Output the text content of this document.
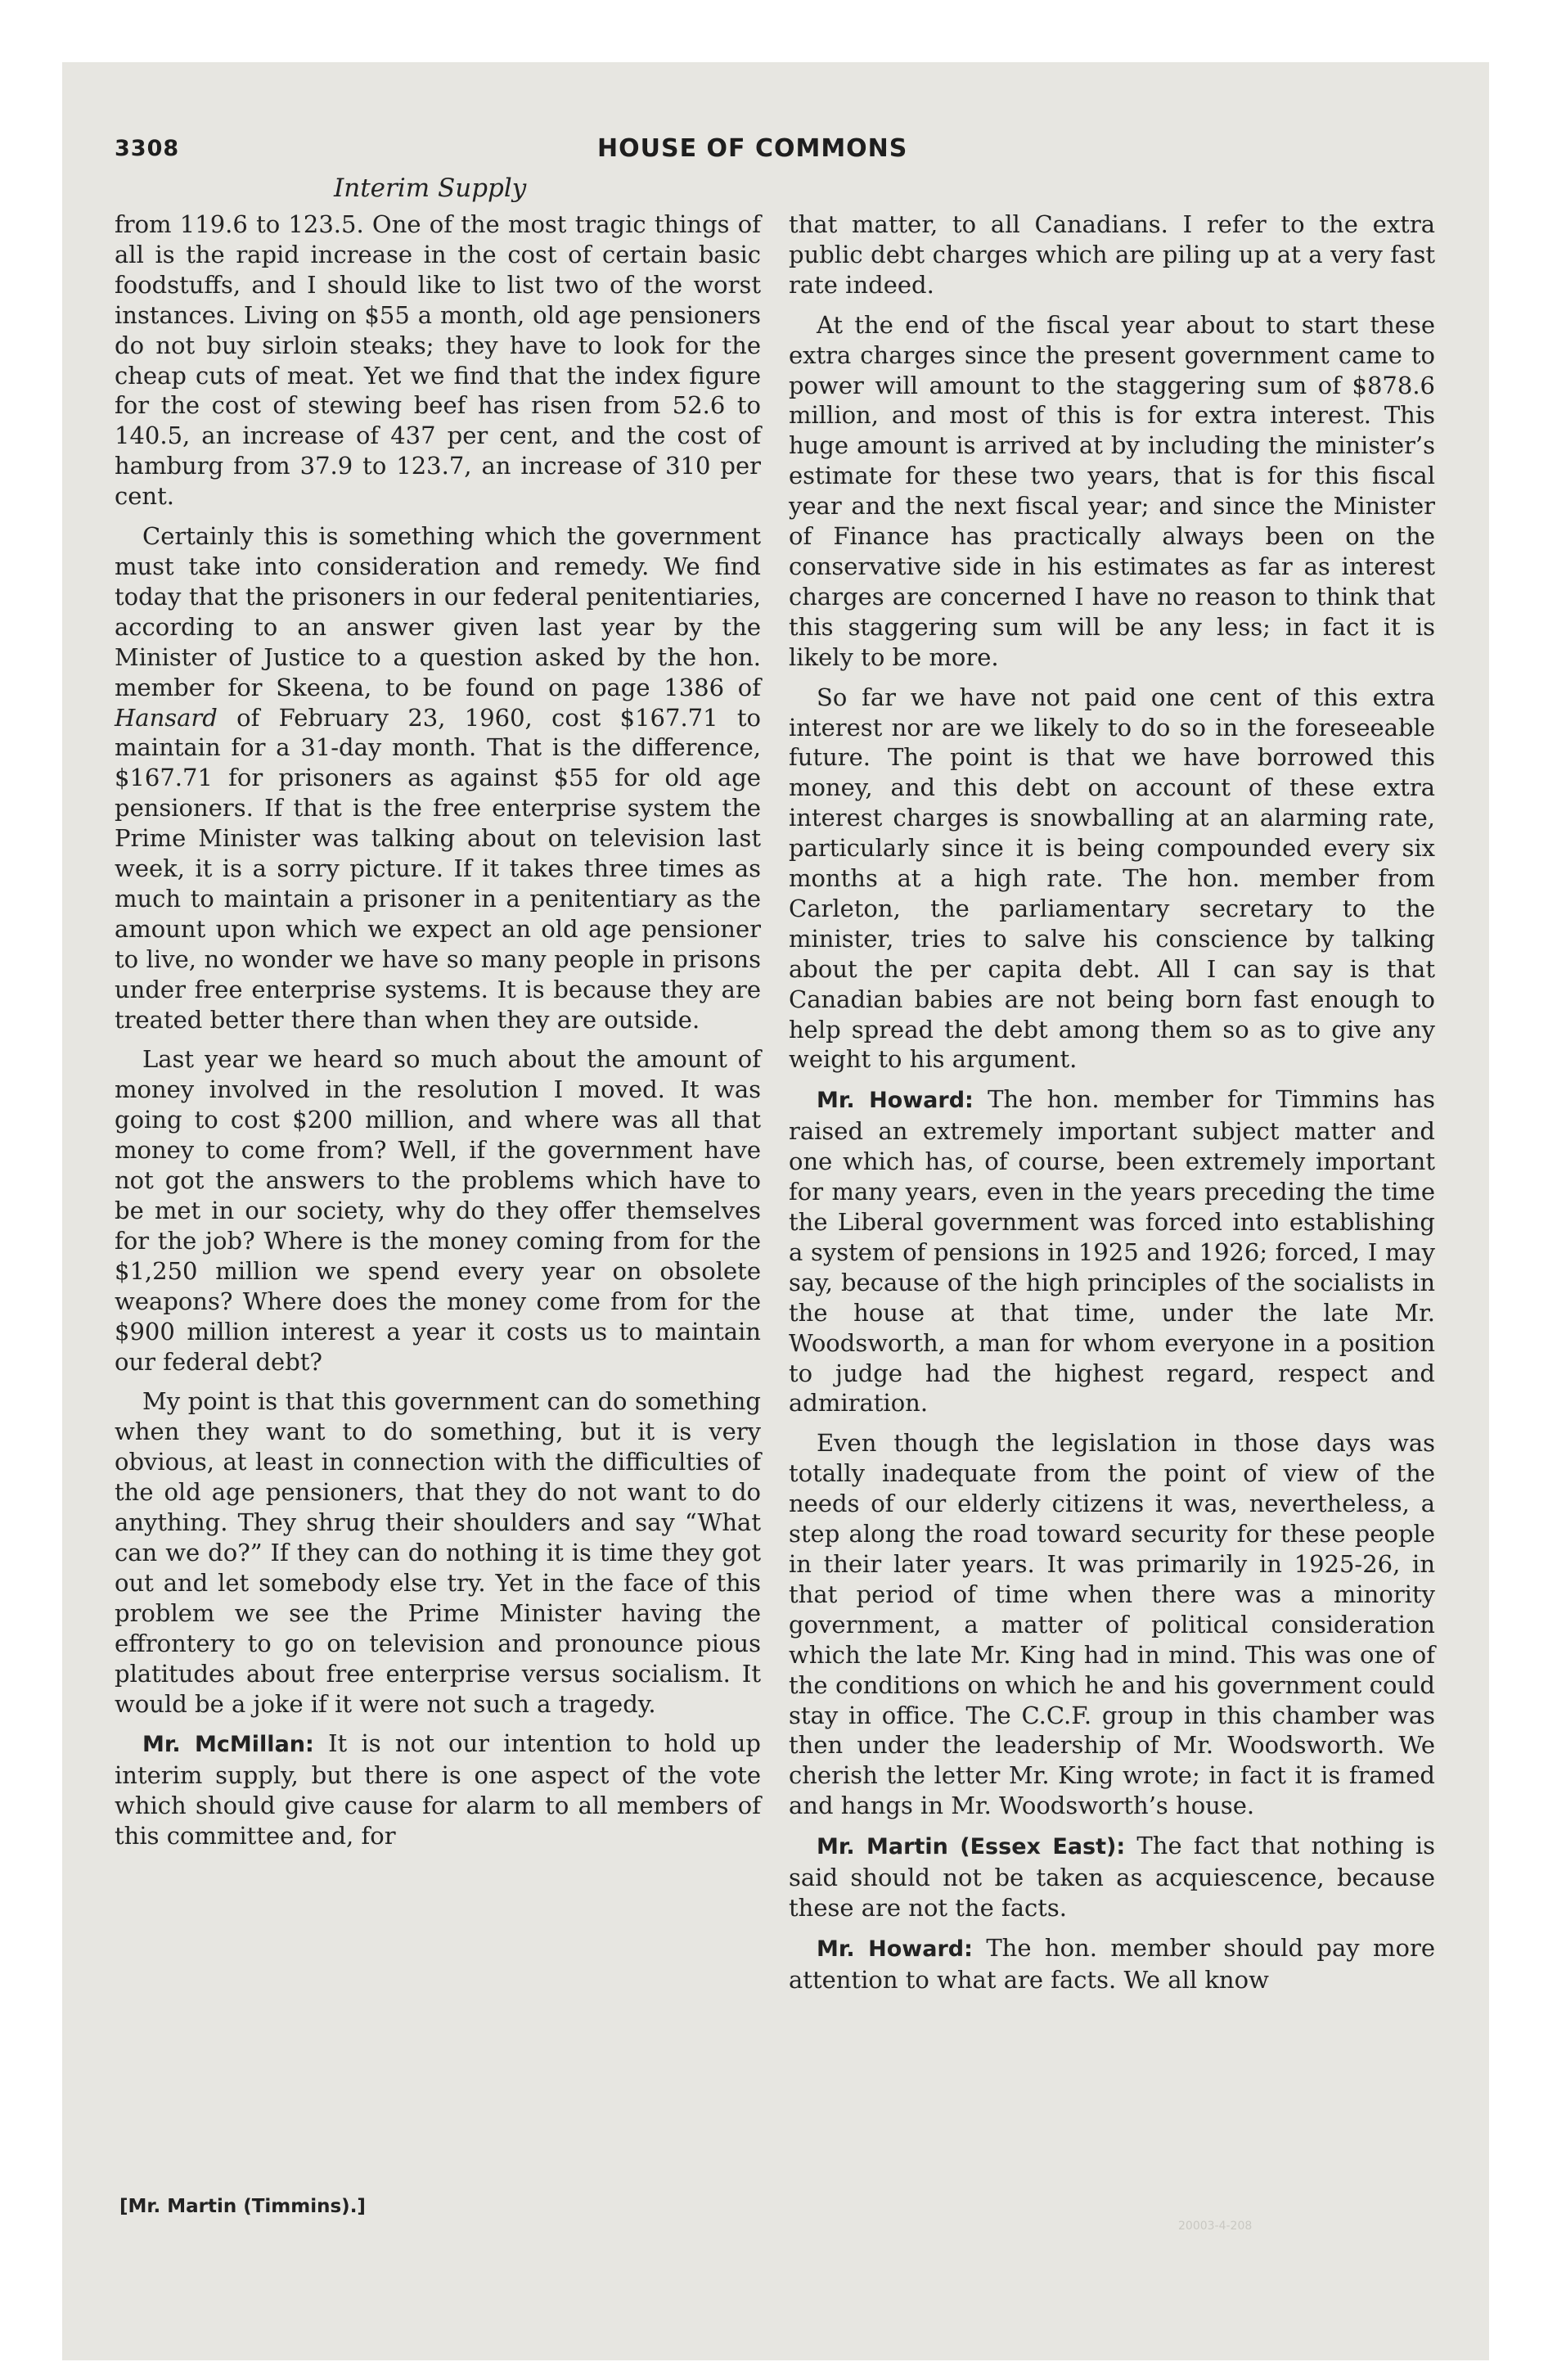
3308	HOUSE OF COMMONS
Interim Supply

from 119.6 to 123.5. One of the most tragic things of all is the rapid increase in the cost of certain basic foodstuffs, and I should like to list two of the worst instances. Living on $55 a month, old age pensioners do not buy sirloin steaks; they have to look for the cheap cuts of meat. Yet we find that the index figure for the cost of stewing beef has risen from 52.6 to 140.5, an increase of 437 per cent, and the cost of hamburg from 37.9 to 123.7, an increase of 310 per cent.

Certainly this is something which the government must take into consideration and remedy. We find today that the prisoners in our federal penitentiaries, according to an answer given last year by the Minister of Justice to a question asked by the hon. member for Skeena, to be found on page 1386 of Hansard of February 23, 1960, cost $167.71 to maintain for a 31-day month. That is the difference, $167.71 for prisoners as against $55 for old age pensioners. If that is the free enterprise system the Prime Minister was talking about on television last week, it is a sorry picture. If it takes three times as much to maintain a prisoner in a penitentiary as the amount upon which we expect an old age pensioner to live, no wonder we have so many people in prisons under free enterprise systems. It is because they are treated better there than when they are outside.

Last year we heard so much about the amount of money involved in the resolution I moved. It was going to cost $200 million, and where was all that money to come from? Well, if the government have not got the answers to the problems which have to be met in our society, why do they offer themselves for the job? Where is the money coming from for the $1,250 million we spend every year on obsolete weapons? Where does the money come from for the $900 million interest a year it costs us to maintain our federal debt?

My point is that this government can do something when they want to do something, but it is very obvious, at least in connection with the difficulties of the old age pensioners, that they do not want to do anything. They shrug their shoulders and say “What can we do?” If they can do nothing it is time they got out and let somebody else try. Yet in the face of this problem we see the Prime Minister having the effrontery to go on television and pronounce pious platitudes about free enterprise versus socialism. It would be a joke if it were not such a tragedy.

Mr. McMillan: It is not our intention to hold up interim supply, but there is one aspect of the vote which should give cause for alarm to all members of this committee and, for

that matter, to all Canadians. I refer to the extra public debt charges which are piling up at a very fast rate indeed.

At the end of the fiscal year about to start these extra charges since the present government came to power will amount to the staggering sum of $878.6 million, and most of this is for extra interest. This huge amount is arrived at by including the minister’s estimate for these two years, that is for this fiscal year and the next fiscal year; and since the Minister of Finance has practically always been on the conservative side in his estimates as far as interest charges are concerned I have no reason to think that this staggering sum will be any less; in fact it is likely to be more.

So far we have not paid one cent of this extra interest nor are we likely to do so in the foreseeable future. The point is that we have borrowed this money, and this debt on account of these extra interest charges is snowballing at an alarming rate, particularly since it is being compounded every six months at a high rate. The hon. member from Carleton, the parliamentary secretary to the minister, tries to salve his conscience by talking about the per capita debt. All I can say is that Canadian babies are not being born fast enough to help spread the debt among them so as to give any weight to his argument.

Mr. Howard: The hon. member for Timmins has raised an extremely important subject matter and one which has, of course, been extremely important for many years, even in the years preceding the time the Liberal government was forced into establishing a system of pensions in 1925 and 1926; forced, I may say, because of the high principles of the socialists in the house at that time, under the late Mr. Woodsworth, a man for whom everyone in a position to judge had the highest regard, respect and admiration.

Even though the legislation in those days was totally inadequate from the point of view of the needs of our elderly citizens it was, nevertheless, a step along the road toward security for these people in their later years. It was primarily in 1925-26, in that period of time when there was a minority government, a matter of political consideration which the late Mr. King had in mind. This was one of the conditions on which he and his government could stay in office. The C.C.F. group in this chamber was then under the leadership of Mr. Woodsworth. We cherish the letter Mr. King wrote; in fact it is framed and hangs in Mr. Woodsworth’s house.

Mr. Martin (Essex East): The fact that nothing is said should not be taken as acquiescence, because these are not the facts.

Mr. Howard: The hon. member should pay more attention to what are facts. We all know

[Mr. Martin (Timmins).]
20003-4-208
